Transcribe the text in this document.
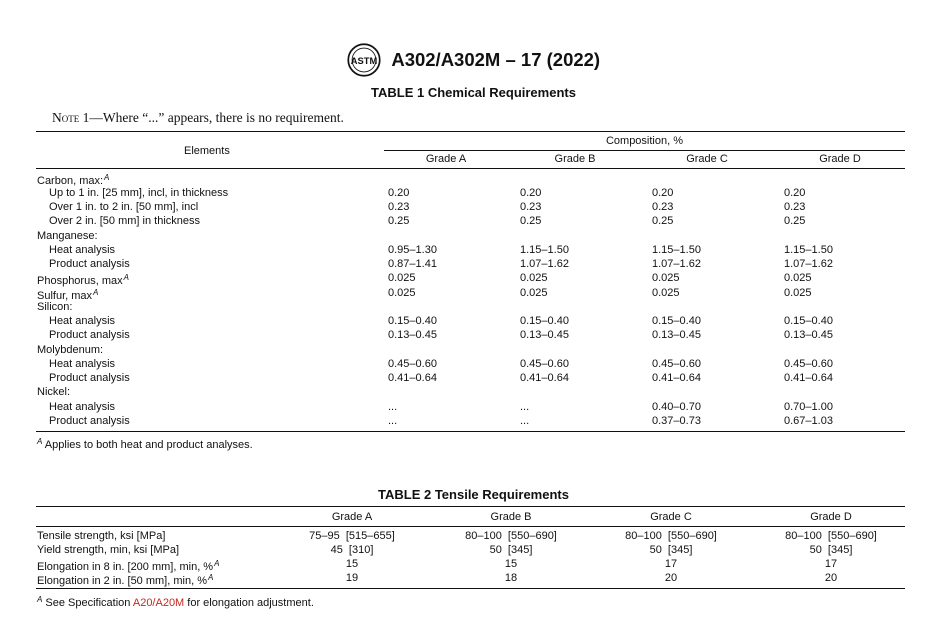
ASTM A302/A302M – 17 (2022)
TABLE 1 Chemical Requirements
Note 1—Where “...” appears, there is no requirement.
Elements
Composition, %
Grade A	Grade B	Grade C	Grade D
Carbon, max:$^A$
Up to 1 in. [25 mm], incl, in thickness	0.20	0.20	0.20	0.20
Over 1 in. to 2 in. [50 mm], incl	0.23	0.23	0.23	0.23
Over 2 in. [50 mm] in thickness	0.25	0.25	0.25	0.25
Manganese:
Heat analysis	0.95–1.30	1.15–1.50	1.15–1.50	1.15–1.50
Product analysis	0.87–1.41	1.07–1.62	1.07–1.62	1.07–1.62
Phosphorus, $\max^A$	0.025	0.025	0.025	0.025
Sulfur, $\max^A$	0.025	0.025	0.025	0.025
Silicon:
Heat analysis	0.15–0.40	0.15–0.40	0.15–0.40	0.15–0.40
Product analysis	0.13–0.45	0.13–0.45	0.13–0.45	0.13–0.45
Molybdenum:
Heat analysis	0.45–0.60	0.45–0.60	0.45–0.60	0.45–0.60
Product analysis	0.41–0.64	0.41–0.64	0.41–0.64	0.41–0.64
Nickel:
Heat analysis	...	...	0.40–0.70	0.70–1.00
Product analysis	...	...	0.37–0.73	0.67–1.03
$^A$ Applies to both heat and product analyses.
TABLE 2 Tensile Requirements
Grade A	Grade B	Grade C	Grade D
Tensile strength, ksi [MPa]	75–95  [515–655]	80–100  [550–690]	80–100  [550–690]	80–100  [550–690]
Yield strength, min, ksi [MPa]	45  [310]	50  [345]	50  [345]	50  [345]
Elongation in 8 in. [200 mm], min, %$^A$	15	15	17	17
Elongation in 2 in. [50 mm], min, %$^A$	19	18	20	20
$^A$ See Specification A20/A20M for elongation adjustment.
